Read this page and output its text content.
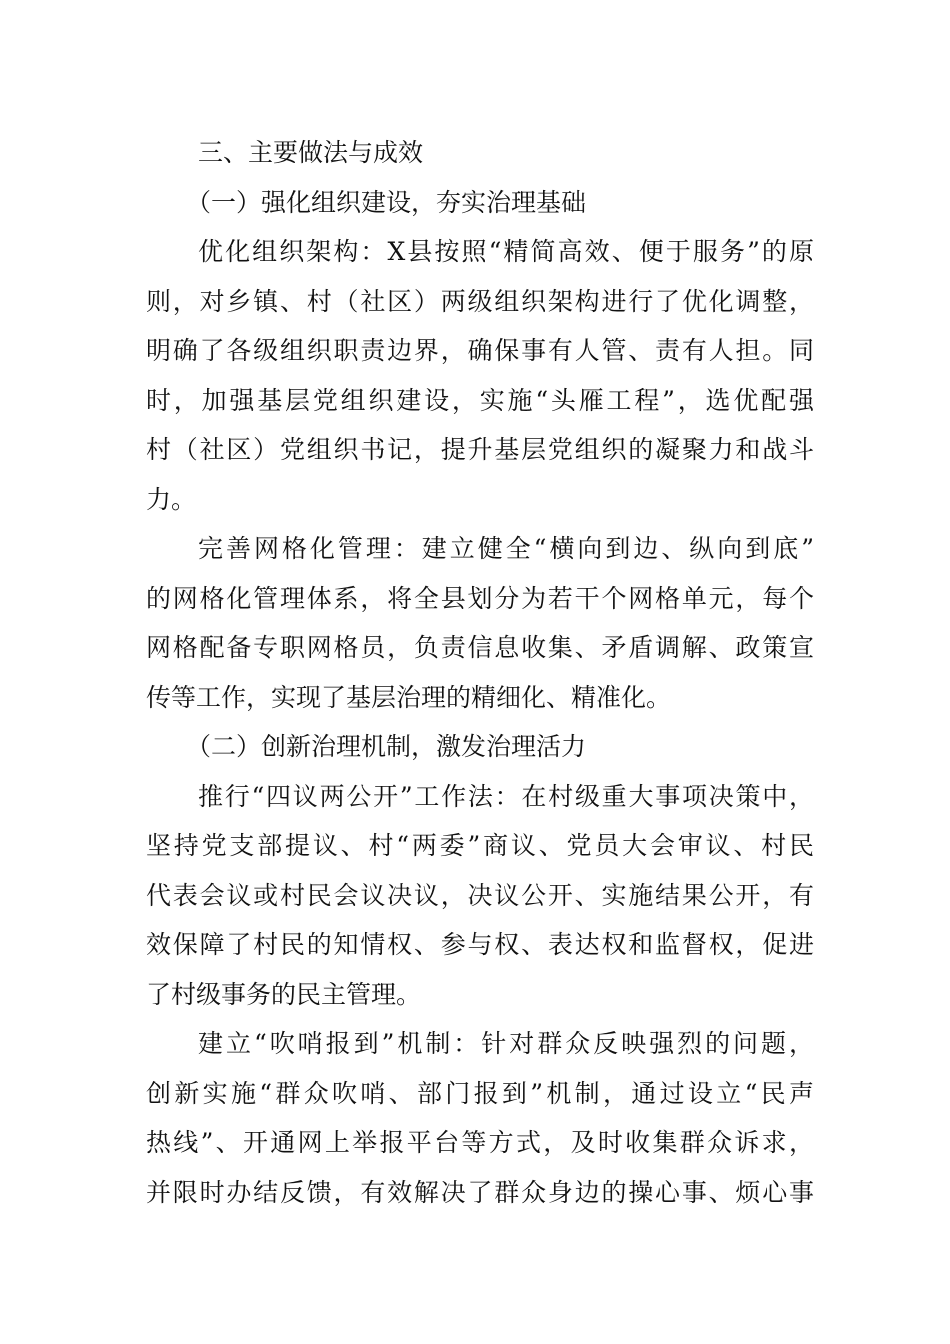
三、主要做法与成效
（一）强化组织建设，夯实治理基础
优化组织架构：X县按照“精简高效、便于服务”的原
则，对乡镇、村（社区）两级组织架构进行了优化调整，
明确了各级组织职责边界，确保事有人管、责有人担。同
时，加强基层党组织建设，实施“头雁工程”，选优配强
村（社区）党组织书记，提升基层党组织的凝聚力和战斗
力。
完善网格化管理：建立健全“横向到边、纵向到底”
的网格化管理体系，将全县划分为若干个网格单元，每个
网格配备专职网格员，负责信息收集、矛盾调解、政策宣
传等工作，实现了基层治理的精细化、精准化。
（二）创新治理机制，激发治理活力
推行“四议两公开”工作法：在村级重大事项决策中，
坚持党支部提议、村“两委”商议、党员大会审议、村民
代表会议或村民会议决议，决议公开、实施结果公开，有
效保障了村民的知情权、参与权、表达权和监督权，促进
了村级事务的民主管理。
建立“吹哨报到”机制：针对群众反映强烈的问题，
创新实施“群众吹哨、部门报到”机制，通过设立“民声
热线”、开通网上举报平台等方式，及时收集群众诉求，
并限时办结反馈，有效解决了群众身边的操心事、烦心事
